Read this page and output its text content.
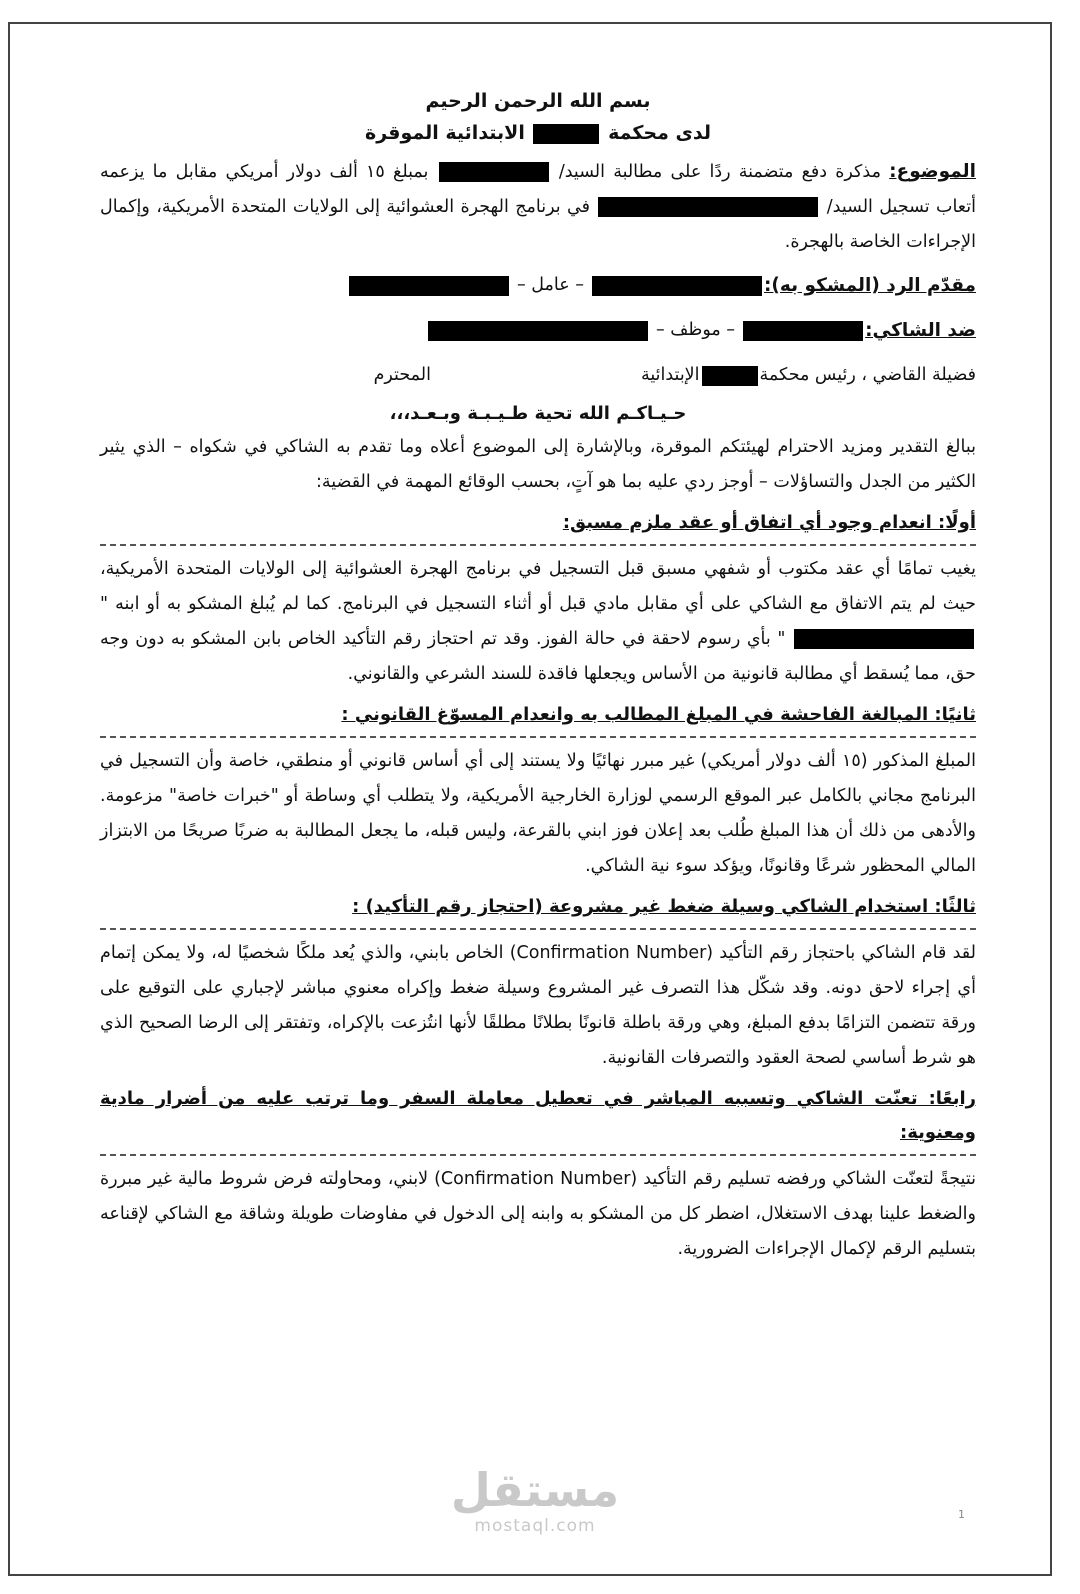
بسم الله الرحمن الرحيم
لدى محكمة  الابتدائية الموقرة

الموضوع: مذكرة دفع متضمنة ردًا على مطالبة السيد/  بمبلغ ١٥ ألف دولار أمريكي مقابل ما يزعمه أتعاب تسجيل السيد/  في برنامج الهجرة العشوائية إلى الولايات المتحدة الأمريكية، وإكمال الإجراءات الخاصة بالهجرة.

مقدّم الرد (المشكو به):
– عامل –
ضد الشاكي:
– موظف –
فضيلة القاضي ، رئيس محكمة
الإبتدائية
المحترم
حـيـاكـم الله تحية طـيـبـة وبـعـد،،،

ببالغ التقدير ومزيد الاحترام لهيئتكم الموقرة، وبالإشارة إلى الموضوع أعلاه وما تقدم به الشاكي في شكواه – الذي يثير الكثير من الجدل والتساؤلات – أوجز ردي عليه بما هو آتٍ، بحسب الوقائع المهمة في القضية:

أولًا: انعدام وجود أي اتفاق أو عقد ملزم مسبق:

يغيب تمامًا أي عقد مكتوب أو شفهي مسبق قبل التسجيل في برنامج الهجرة العشوائية إلى الولايات المتحدة الأمريكية، حيث لم يتم الاتفاق مع الشاكي على أي مقابل مادي قبل أو أثناء التسجيل في البرنامج. كما لم يُبلغ المشكو به أو ابنه "  " بأي رسوم لاحقة في حالة الفوز. وقد تم احتجاز رقم التأكيد الخاص بابن المشكو به دون وجه حق، مما يُسقط أي مطالبة قانونية من الأساس ويجعلها فاقدة للسند الشرعي والقانوني.

ثانيًا: المبالغة الفاحشة في المبلغ المطالب به وانعدام المسوّغ القانوني :

المبلغ المذكور (١٥ ألف دولار أمريكي) غير مبرر نهائيًا ولا يستند إلى أي أساس قانوني أو منطقي، خاصة وأن التسجيل في البرنامج مجاني بالكامل عبر الموقع الرسمي لوزارة الخارجية الأمريكية، ولا يتطلب أي وساطة أو "خبرات خاصة" مزعومة. والأدهى من ذلك أن هذا المبلغ طُلب بعد إعلان فوز ابني بالقرعة، وليس قبله، ما يجعل المطالبة به ضربًا صريحًا من الابتزاز المالي المحظور شرعًا وقانونًا، ويؤكد سوء نية الشاكي.

ثالثًا: استخدام الشاكي وسيلة ضغط غير مشروعة (احتجاز رقم التأكيد) :

لقد قام الشاكي باحتجاز رقم التأكيد (Confirmation Number) الخاص بابني، والذي يُعد ملكًا شخصيًا له، ولا يمكن إتمام أي إجراء لاحق دونه. وقد شكّل هذا التصرف غير المشروع وسيلة ضغط وإكراه معنوي مباشر لإجباري على التوقيع على ورقة تتضمن التزامًا بدفع المبلغ، وهي ورقة باطلة قانونًا بطلانًا مطلقًا لأنها انتُزعت بالإكراه، وتفتقر إلى الرضا الصحيح الذي هو شرط أساسي لصحة العقود والتصرفات القانونية.

رابعًا: تعنّت الشاكي وتسببه المباشر في تعطيل معاملة السفر وما ترتب عليه من أضرار مادية ومعنوية:

نتيجةً لتعنّت الشاكي ورفضه تسليم رقم التأكيد (Confirmation Number) لابني، ومحاولته فرض شروط مالية غير مبررة والضغط علينا بهدف الاستغلال، اضطر كل من المشكو به وابنه إلى الدخول في مفاوضات طويلة وشاقة مع الشاكي لإقناعه بتسليم الرقم لإكمال الإجراءات الضرورية.

مستقل
mostaql.com
1
